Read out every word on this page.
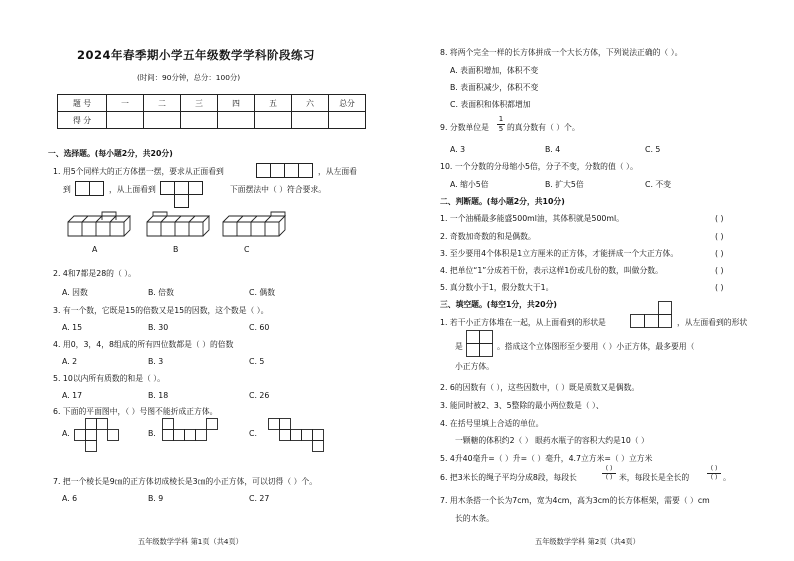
2024年春季期小学五年级数学学科阶段练习
(时间：90分钟，总分：100分)
题 号	一	二	三	四	五	六	总分
得 分							
一、选择题。(每小题2分，共20分)
1. 用5个同样大的正方体摆一摆，要求从正面看到	，从左面看
到	，从上面看到	下面摆法中（ ）符合要求。
A	B	C
2. 4和7都是28的（ ）。
A. 因数	B. 倍数	C. 偶数
3. 有一个数，它既是15的倍数又是15的因数，这个数是（ ）。
A. 15	B. 30	C. 60
4. 用0，3，4，8组成的所有四位数都是（ ）的倍数
A. 2	B. 3	C. 5
5. 10以内所有质数的和是（ ）。
A. 17	B. 18	C. 26
6. 下面的平面图中，（ ）号图不能折成正方体。
A.	B.	C.
7. 把一个棱长是9㎝的正方体切成棱长是3㎝的小正方体，可以切得（ ）个。
A. 6	B. 9	C. 27
五年级数学学科 第1页（共4页）
8. 将两个完全一样的长方体拼成一个大长方体，下列说法正确的（ ）。
A. 表面积增加，体积不变
B. 表面积减少，体积不变
C. 表面积和体积都增加
9. 分数单位是
1
5 的真分数有（ ）个。
A. 3	B. 4	C. 5
10. 一个分数的分母缩小5倍，分子不变，分数的值（ ）。
A. 缩小5倍	B. 扩大5倍	C. 不变
二、判断题。(每小题2分，共10分)
1. 一个油桶最多能盛500ml油，其体积就是500ml。	( )
2. 奇数加奇数的和是偶数。	( )
3. 至少要用4个体积是1立方厘米的正方体，才能拼成一个大正方体。	( )
4. 把单位“1”分成若干份，表示这样1份或几份的数，叫做分数。	( )
5. 真分数小于1，假分数大于1。	( )
三、填空题。(每空1分，共20分)
1. 若干小正方体堆在一起，从上面看到的形状是	，从左面看到的形状
是	。搭成这个立体图形至少要用（ ）小正方体，最多要用（
小正方体。
2. 6的因数有（ ），这些因数中，（ ）既是质数又是偶数。
3. 能同时被2、3、5整除的最小两位数是（ ）、
4. 在括号里填上合适的单位。
一颗糖的体积约2（ ） 眼药水瓶子的容积大约是10（ ）
5. 4升40毫升=（ ）升=（ ）毫升，4.7立方米=（ ）立方米
6. 把3米长的绳子平均分成8段，每段长
( )
( ) 米，每段长是全长的
( )
( ) 。
7. 用木条搭一个长为7cm，宽为4cm，高为3cm的长方体框架，需要（ ）cm
长的木条。
五年级数学学科 第2页（共4页）
